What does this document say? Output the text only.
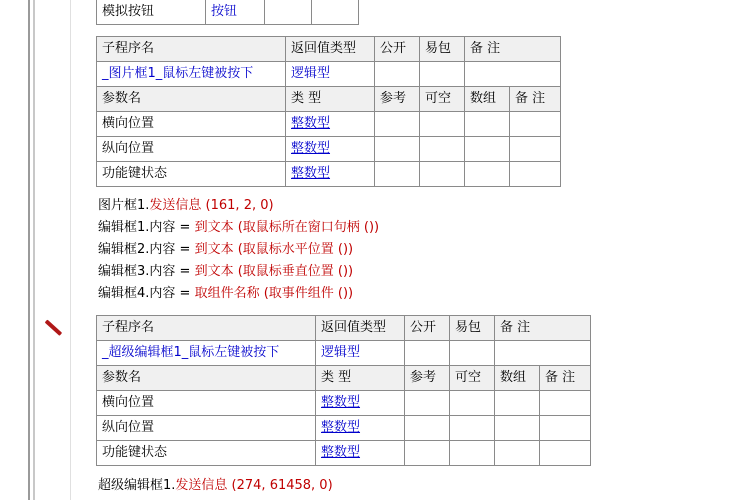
模拟按钮	按钮		
子程序名	返回值类型	公开	易包	备 注	
_图片框1_鼠标左键被按下	逻辑型				
参数名	类 型	参考	可空	数组	备 注
横向位置	整数型				
纵向位置	整数型				
功能键状态	整数型				
图片框1.发送信息 (161, 2, 0)
编辑框1.内容 = 到文本 (取鼠标所在窗口句柄 ())
编辑框2.内容 = 到文本 (取鼠标水平位置 ())
编辑框3.内容 = 到文本 (取鼠标垂直位置 ())
编辑框4.内容 = 取组件名称 (取事件组件 ())
子程序名	返回值类型	公开	易包	备 注	
_超级编辑框1_鼠标左键被按下	逻辑型				
参数名	类 型	参考	可空	数组	备 注
横向位置	整数型				
纵向位置	整数型				
功能键状态	整数型				
超级编辑框1.发送信息 (274, 61458, 0)
